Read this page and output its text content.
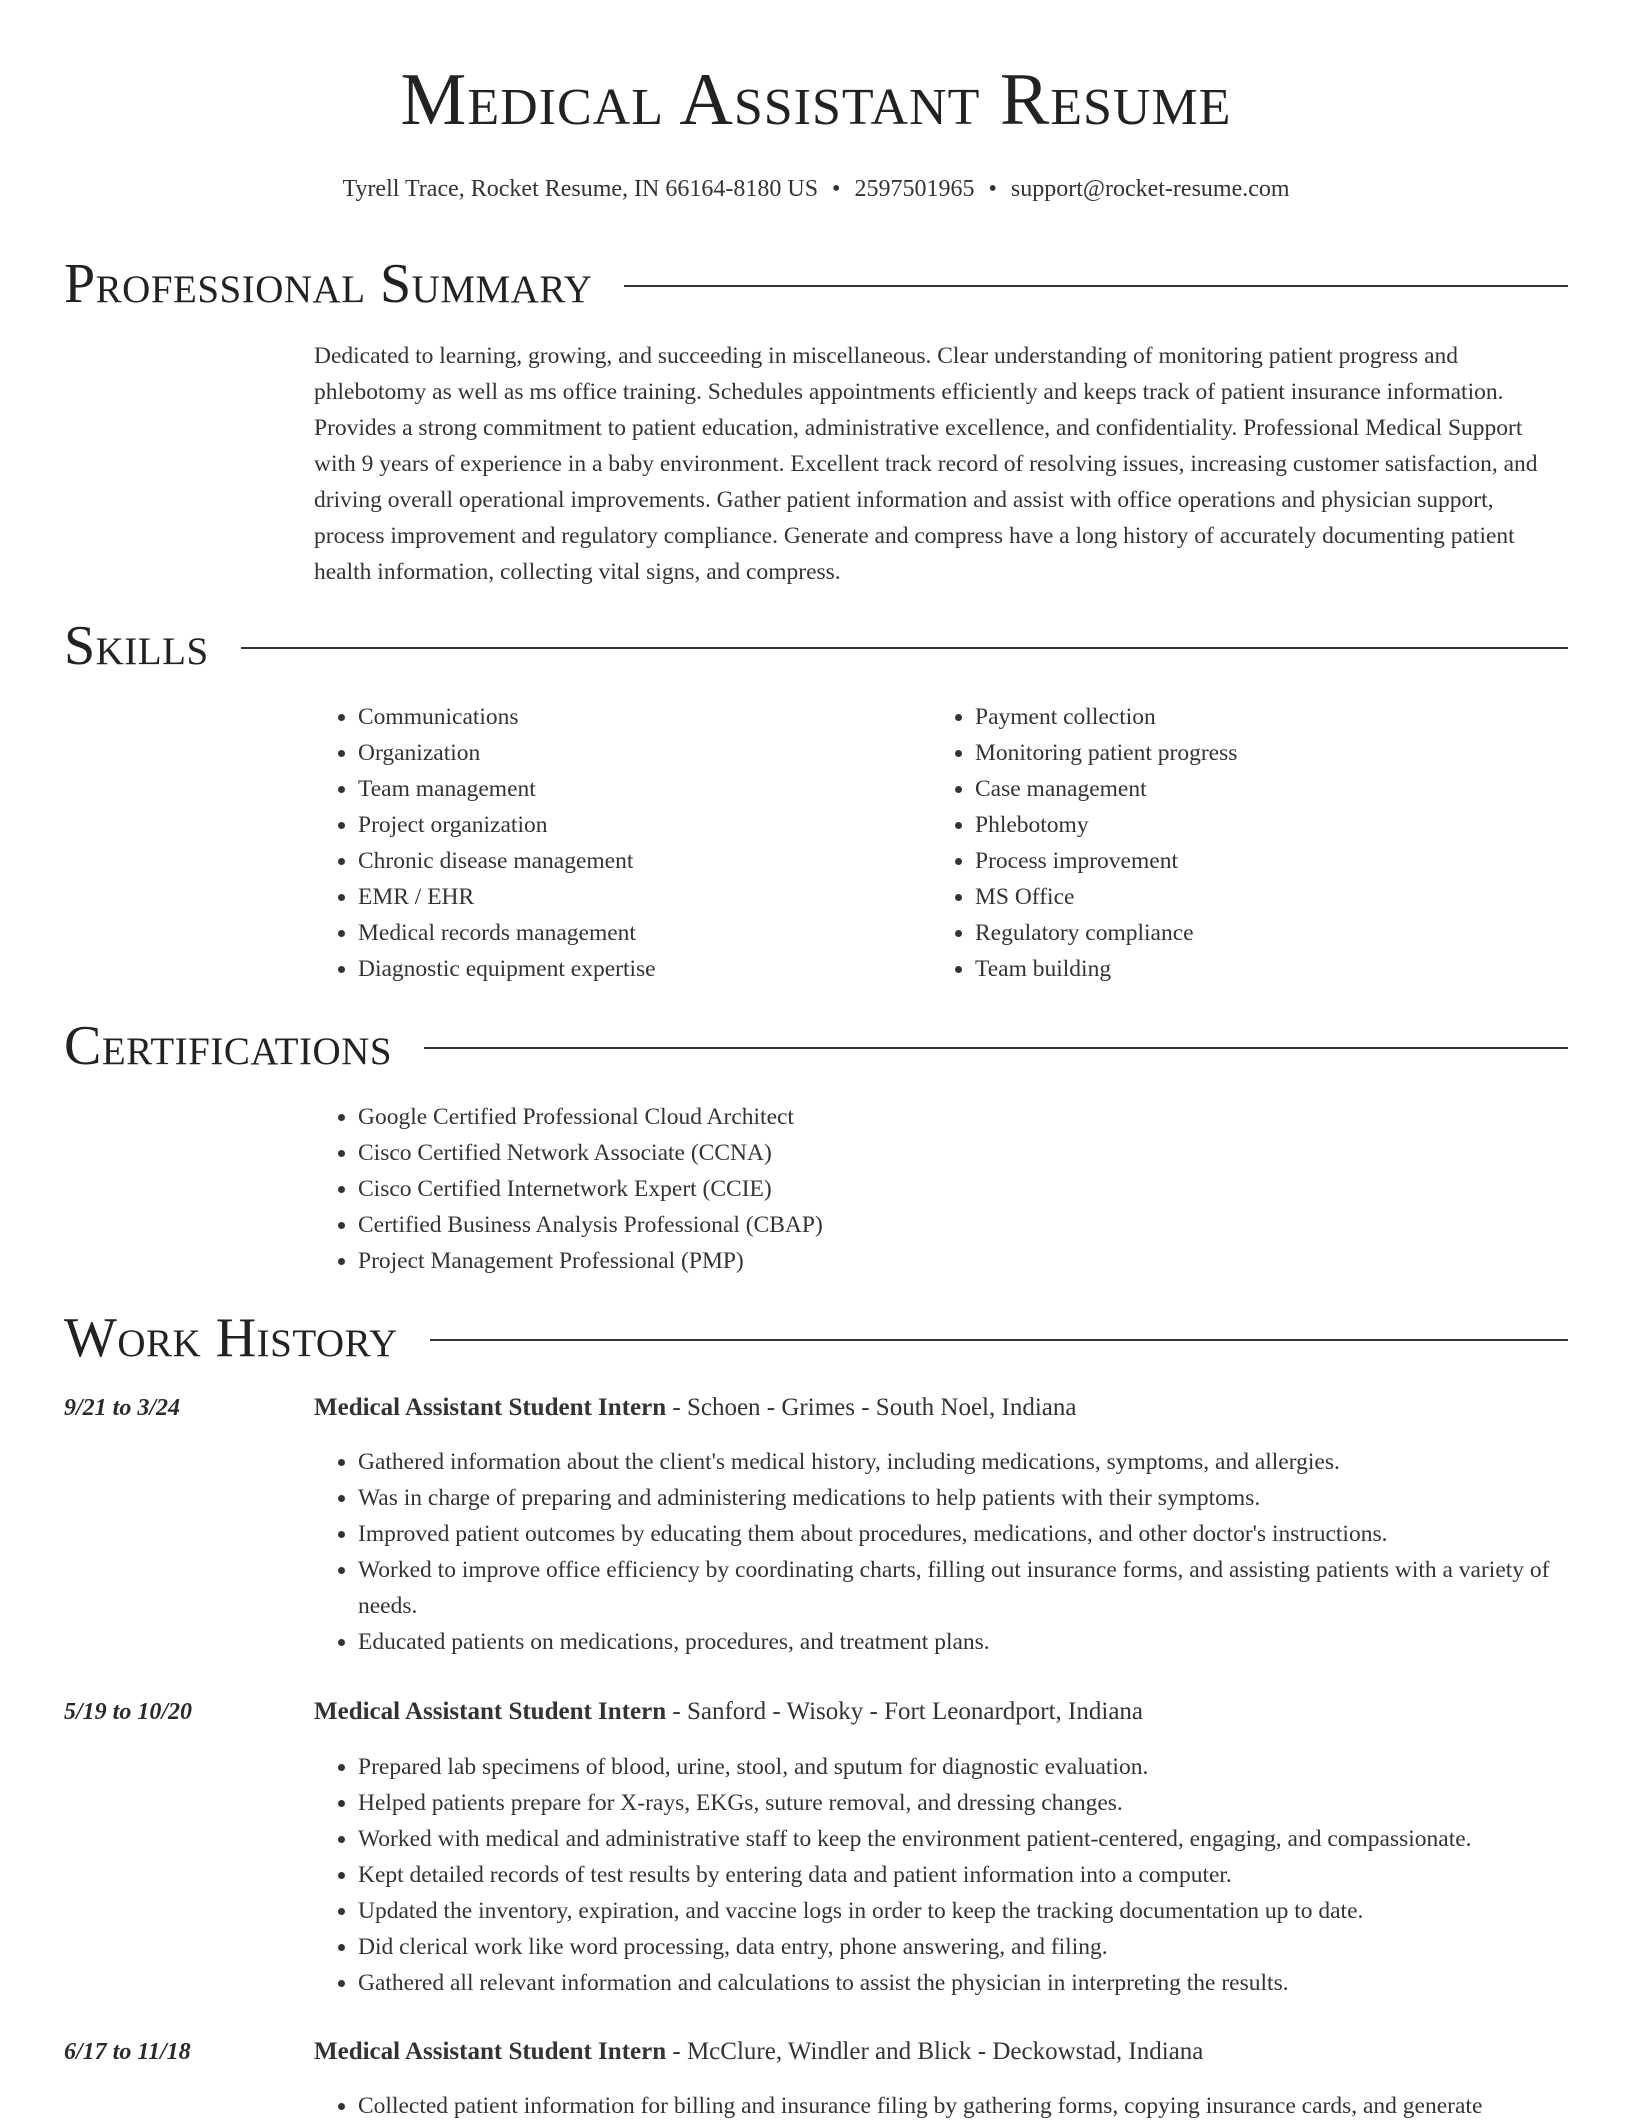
Medical Assistant Resume
Tyrell Trace, Rocket Resume, IN 66164-8180 US • 2597501965 • support@rocket-resume.com
Professional Summary

Dedicated to learning, growing, and succeeding in miscellaneous. Clear understanding of monitoring patient progress and phlebotomy as well as ms office training. Schedules appointments efficiently and keeps track of patient insurance information. Provides a strong commitment to patient education, administrative excellence, and confidentiality. Professional Medical Support with 9 years of experience in a baby environment. Excellent track record of resolving issues, increasing customer satisfaction, and driving overall operational improvements. Gather patient information and assist with office operations and physician support, process improvement and regulatory compliance. Generate and compress have a long history of accurately documenting patient health information, collecting vital signs, and compress.

Skills
• Communications
• Organization
• Team management
• Project organization
• Chronic disease management
• EMR / EHR
• Medical records management
• Diagnostic equipment expertise
• Payment collection
• Monitoring patient progress
• Case management
• Phlebotomy
• Process improvement
• MS Office
• Regulatory compliance
• Team building
Certifications
• Google Certified Professional Cloud Architect
• Cisco Certified Network Associate (CCNA)
• Cisco Certified Internetwork Expert (CCIE)
• Certified Business Analysis Professional (CBAP)
• Project Management Professional (PMP)
Work History
9/21 to 3/24	Medical Assistant Student Intern - Schoen - Grimes - South Noel, Indiana
• Gathered information about the client's medical history, including medications, symptoms, and allergies.
• Was in charge of preparing and administering medications to help patients with their symptoms.
• Improved patient outcomes by educating them about procedures, medications, and other doctor's instructions.
• Worked to improve office efficiency by coordinating charts, filling out insurance forms, and assisting patients with a variety of needs.
• Educated patients on medications, procedures, and treatment plans.
5/19 to 10/20	Medical Assistant Student Intern - Sanford - Wisoky - Fort Leonardport, Indiana
• Prepared lab specimens of blood, urine, stool, and sputum for diagnostic evaluation.
• Helped patients prepare for X-rays, EKGs, suture removal, and dressing changes.
• Worked with medical and administrative staff to keep the environment patient-centered, engaging, and compassionate.
• Kept detailed records of test results by entering data and patient information into a computer.
• Updated the inventory, expiration, and vaccine logs in order to keep the tracking documentation up to date.
• Did clerical work like word processing, data entry, phone answering, and filing.
• Gathered all relevant information and calculations to assist the physician in interpreting the results.
6/17 to 11/18	Medical Assistant Student Intern - McClure, Windler and Blick - Deckowstad, Indiana
• Collected patient information for billing and insurance filing by gathering forms, copying insurance cards, and generate
